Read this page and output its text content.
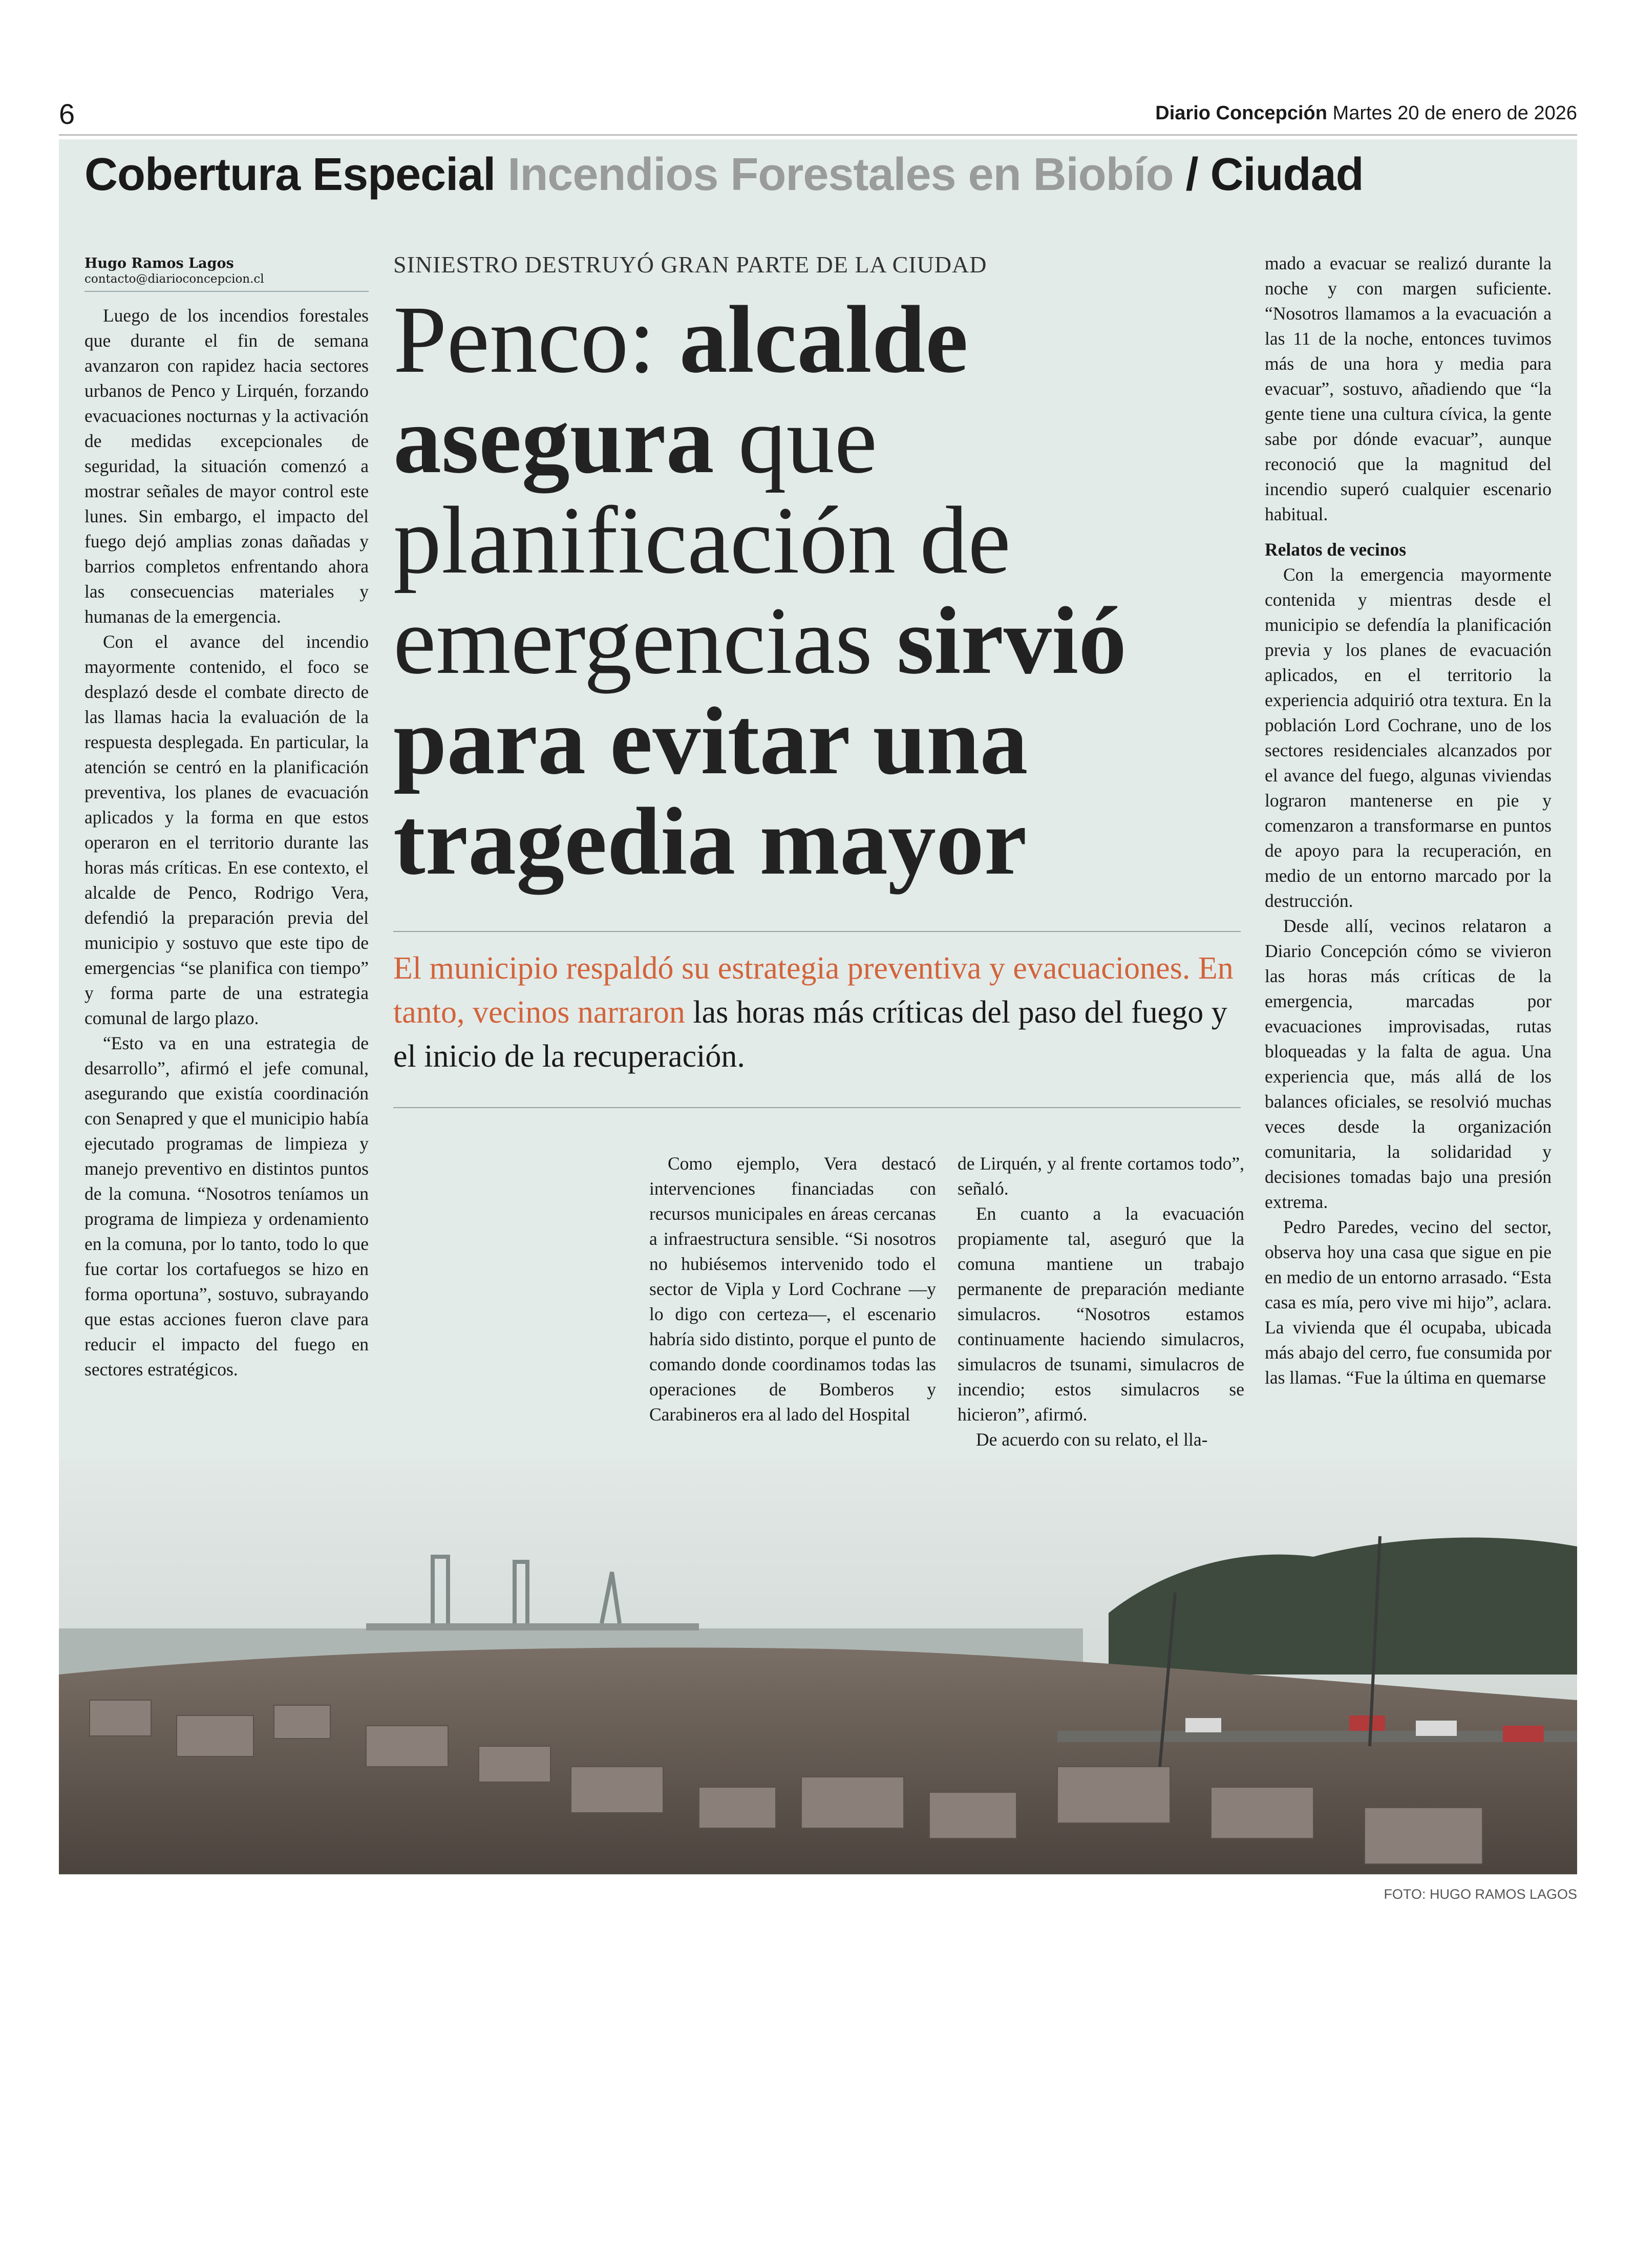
6	Diario Concepción Martes 20 de enero de 2026
Cobertura Especial Incendios Forestales en Biobío / Ciudad
Hugo Ramos Lagos
contacto@diarioconcepcion.cl

Luego de los incendios forestales que durante el fin de semana avanzaron con rapidez hacia sectores urbanos de Penco y Lirquén, forzando evacuaciones nocturnas y la activación de medidas excepcionales de seguridad, la situación comenzó a mostrar señales de mayor control este lunes. Sin embargo, el impacto del fuego dejó amplias zonas dañadas y barrios completos enfrentando ahora las consecuencias materiales y humanas de la emergencia.

Con el avance del incendio mayormente contenido, el foco se desplazó desde el combate directo de las llamas hacia la evaluación de la respuesta desplegada. En particular, la atención se centró en la planificación preventiva, los planes de evacuación aplicados y la forma en que estos operaron en el territorio durante las horas más críticas. En ese contexto, el alcalde de Penco, Rodrigo Vera, defendió la preparación previa del municipio y sostuvo que este tipo de emergencias “se planifica con tiempo” y forma parte de una estrategia comunal de largo plazo.

“Esto va en una estrategia de desarrollo”, afirmó el jefe comunal, asegurando que existía coordinación con Senapred y que el municipio había ejecutado programas de limpieza y manejo preventivo en distintos puntos de la comuna. “Nosotros teníamos un programa de limpieza y ordenamiento en la comuna, por lo tanto, todo lo que fue cortar los cortafuegos se hizo en forma oportuna”, sostuvo, subrayando que estas acciones fueron clave para reducir el impacto del fuego en sectores estratégicos.

SINIESTRO DESTRUYÓ GRAN PARTE DE LA CIUDAD
Penco: alcalde asegura que planificación de emergencias sirvió para evitar una tragedia mayor
El municipio respaldó su estrategia preventiva y evacuaciones. En tanto, vecinos narraron las horas más críticas del paso del fuego y el inicio de la recuperación.

Como ejemplo, Vera destacó intervenciones financiadas con recursos municipales en áreas cercanas a infraestructura sensible. “Si nosotros no hubiésemos intervenido todo el sector de Vipla y Lord Cochrane —y lo digo con certeza—, el escenario habría sido distinto, porque el punto de comando donde coordinamos todas las operaciones de Bomberos y Carabineros era al lado del Hospital

de Lirquén, y al frente cortamos todo”, señaló.

En cuanto a la evacuación propiamente tal, aseguró que la comuna mantiene un trabajo permanente de preparación mediante simulacros. “Nosotros estamos continuamente haciendo simulacros, simulacros de tsunami, simulacros de incendio; estos simulacros se hicieron”, afirmó.

De acuerdo con su relato, el lla-

mado a evacuar se realizó durante la noche y con margen suficiente. “Nosotros llamamos a la evacuación a las 11 de la noche, entonces tuvimos más de una hora y media para evacuar”, sostuvo, añadiendo que “la gente tiene una cultura cívica, la gente sabe por dónde evacuar”, aunque reconoció que la magnitud del incendio superó cualquier escenario habitual.

Relatos de vecinos

Con la emergencia mayormente contenida y mientras desde el municipio se defendía la planificación previa y los planes de evacuación aplicados, en el territorio la experiencia adquirió otra textura. En la población Lord Cochrane, uno de los sectores residenciales alcanzados por el avance del fuego, algunas viviendas lograron mantenerse en pie y comenzaron a transformarse en puntos de apoyo para la recuperación, en medio de un entorno marcado por la destrucción.

Desde allí, vecinos relataron a Diario Concepción cómo se vivieron las horas más críticas de la emergencia, marcadas por evacuaciones improvisadas, rutas bloqueadas y la falta de agua. Una experiencia que, más allá de los balances oficiales, se resolvió muchas veces desde la organización comunitaria, la solidaridad y decisiones tomadas bajo una presión extrema.

Pedro Paredes, vecino del sector, observa hoy una casa que sigue en pie en medio de un entorno arrasado. “Esta casa es mía, pero vive mi hijo”, aclara. La vivienda que él ocupaba, ubicada más abajo del cerro, fue consumida por las llamas. “Fue la última en quemarse

FOTO: HUGO RAMOS LAGOS
